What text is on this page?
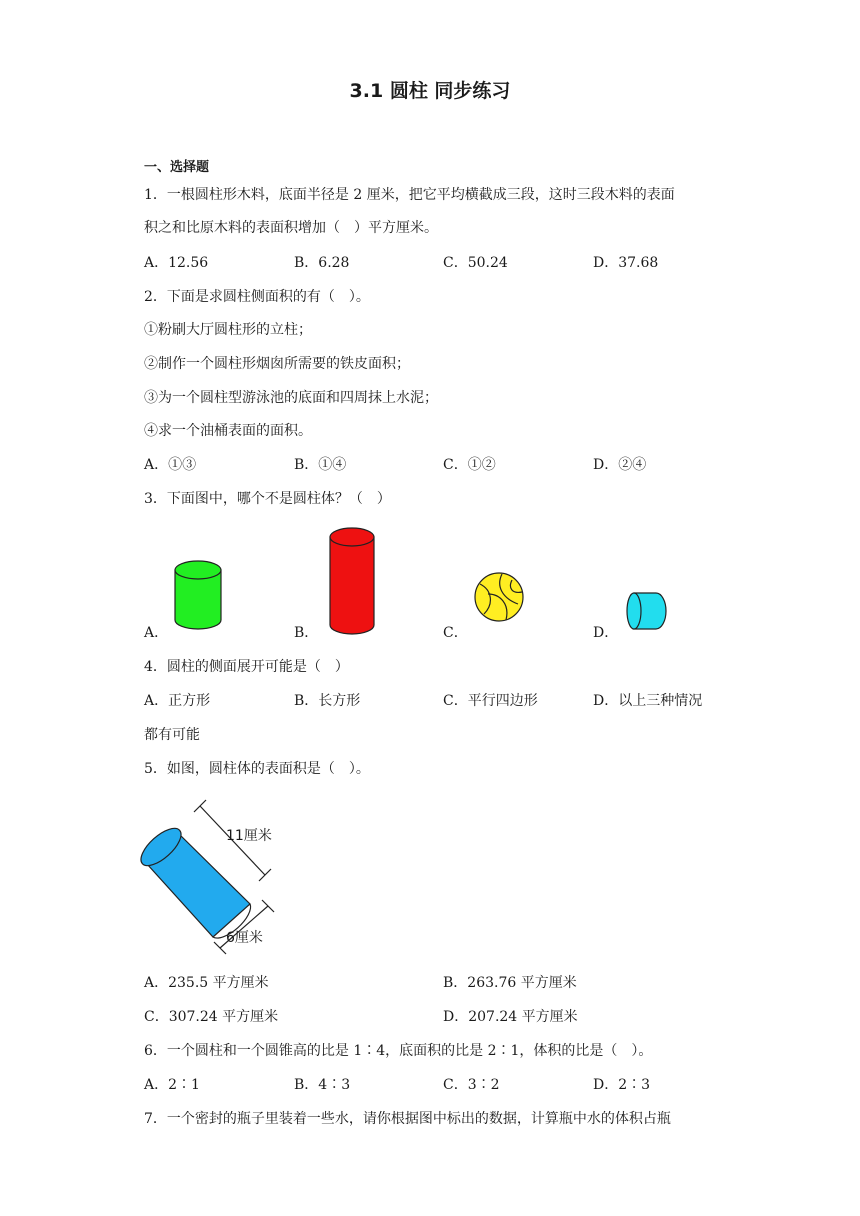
3.1 圆柱 同步练习
一、选择题
1．一根圆柱形木料，底面半径是 2 厘米，把它平均横截成三段，这时三段木料的表面
积之和比原木料的表面积增加（　）平方厘米。
A．12.56	B．6.28	C．50.24	D．37.68
2．下面是求圆柱侧面积的有（　）。
①粉刷大厅圆柱形的立柱；
②制作一个圆柱形烟囱所需要的铁皮面积；
③为一个圆柱型游泳池的底面和四周抹上水泥；
④求一个油桶表面的面积。
A．①③	B．①④	C．①②	D．②④
3．下面图中，哪个不是圆柱体？（　）
A．	B．	C．	D．
4．圆柱的侧面展开可能是（　）
A．正方形	B．长方形	C．平行四边形	D．以上三种情况
都有可能
5．如图，圆柱体的表面积是（　）。
11厘米
6厘米
A．235.5 平方厘米	B．263.76 平方厘米
C．307.24 平方厘米	D．207.24 平方厘米
6．一个圆柱和一个圆锥高的比是 1∶4，底面积的比是 2∶1，体积的比是（　）。
A．2∶1	B．4∶3	C．3∶2	D．2∶3
7．一个密封的瓶子里装着一些水，请你根据图中标出的数据，计算瓶中水的体积占瓶
